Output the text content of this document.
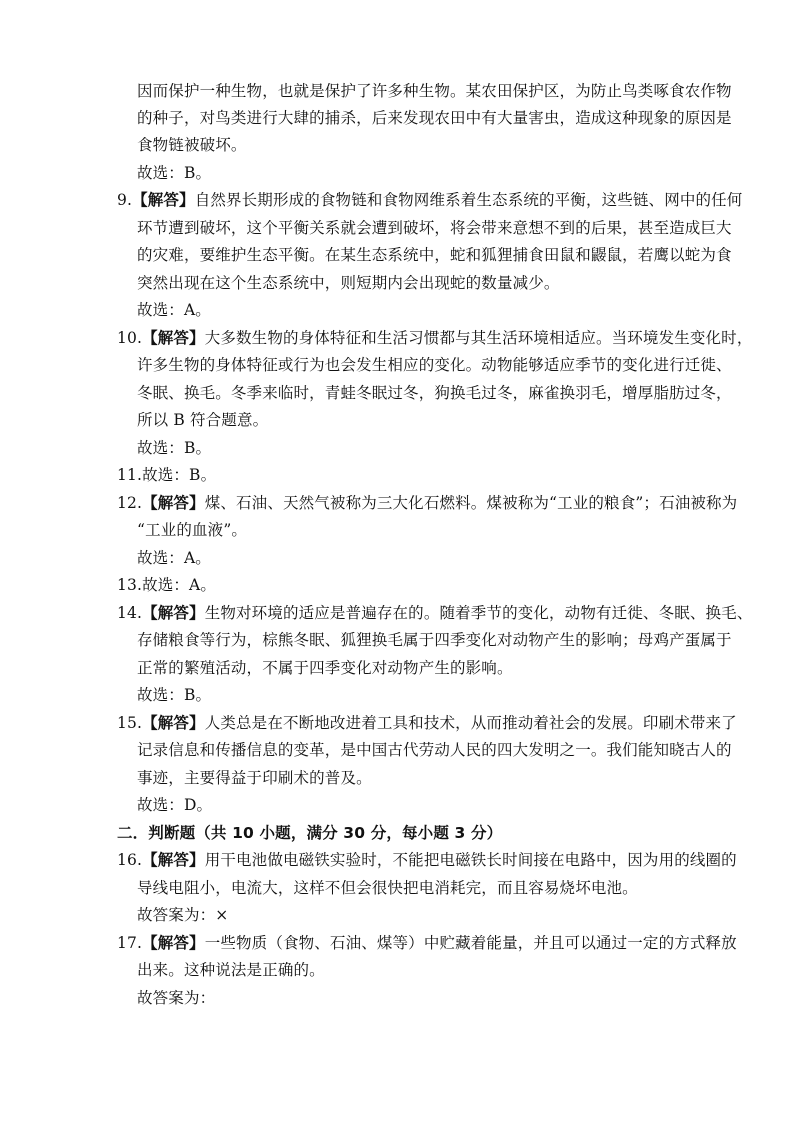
因而保护一种生物，也就是保护了许多种生物。某农田保护区，为防止鸟类啄食农作物
的种子，对鸟类进行大肆的捕杀，后来发现农田中有大量害虫，造成这种现象的原因是
食物链被破坏。
故选：B。
9.【解答】自然界长期形成的食物链和食物网维系着生态系统的平衡，这些链、网中的任何
环节遭到破坏，这个平衡关系就会遭到破坏，将会带来意想不到的后果，甚至造成巨大
的灾难，要维护生态平衡。在某生态系统中，蛇和狐狸捕食田鼠和鼹鼠，若鹰以蛇为食
突然出现在这个生态系统中，则短期内会出现蛇的数量减少。
故选：A。
10.【解答】大多数生物的身体特征和生活习惯都与其生活环境相适应。当环境发生变化时，
许多生物的身体特征或行为也会发生相应的变化。动物能够适应季节的变化进行迁徙、
冬眠、换毛。冬季来临时，青蛙冬眠过冬，狗换毛过冬，麻雀换羽毛，增厚脂肪过冬，
所以 B 符合题意。
故选：B。
11.故选：B。
12.【解答】煤、石油、天然气被称为三大化石燃料。煤被称为“工业的粮食”；石油被称为
“工业的血液”。
故选：A。
13.故选：A。
14.【解答】生物对环境的适应是普遍存在的。随着季节的变化，动物有迁徙、冬眠、换毛、
存储粮食等行为，棕熊冬眠、狐狸换毛属于四季变化对动物产生的影响；母鸡产蛋属于
正常的繁殖活动，不属于四季变化对动物产生的影响。
故选：B。
15.【解答】人类总是在不断地改进着工具和技术，从而推动着社会的发展。印刷术带来了
记录信息和传播信息的变革，是中国古代劳动人民的四大发明之一。我们能知晓古人的
事迹，主要得益于印刷术的普及。
故选：D。
二．判断题（共 10 小题，满分 30 分，每小题 3 分）
16.【解答】用干电池做电磁铁实验时，不能把电磁铁长时间接在电路中，因为用的线圈的
导线电阻小，电流大，这样不但会很快把电消耗完，而且容易烧坏电池。
故答案为：×
17.【解答】一些物质（食物、石油、煤等）中贮藏着能量，并且可以通过一定的方式释放
出来。这种说法是正确的。
故答案为：
